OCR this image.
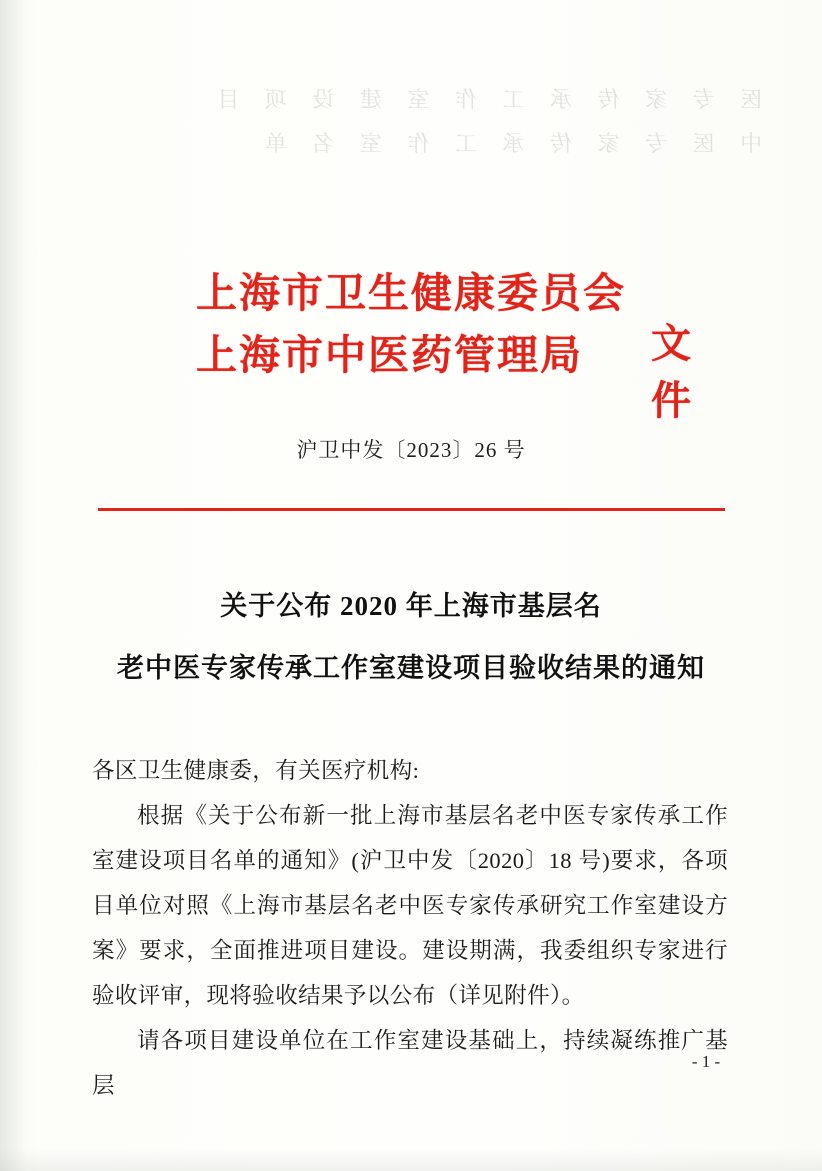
医 专 家 传 承 工 作 室 建 设 项 目
中 医 专 家 传 承 工 作 室 名 单
上海市卫生健康委员会
上海市中医药管理局	文件
沪卫中发〔2023〕26 号
关于公布 2020 年上海市基层名
老中医专家传承工作室建设项目验收结果的通知

各区卫生健康委，有关医疗机构:

根据《关于公布新一批上海市基层名老中医专家传承工作室建设项目名单的通知》(沪卫中发〔2020〕18 号)要求，各项目单位对照《上海市基层名老中医专家传承研究工作室建设方案》要求，全面推进项目建设。建设期满，我委组织专家进行验收评审，现将验收结果予以公布（详见附件）。

请各项目建设单位在工作室建设基础上，持续凝练推广基层

- 1 -
